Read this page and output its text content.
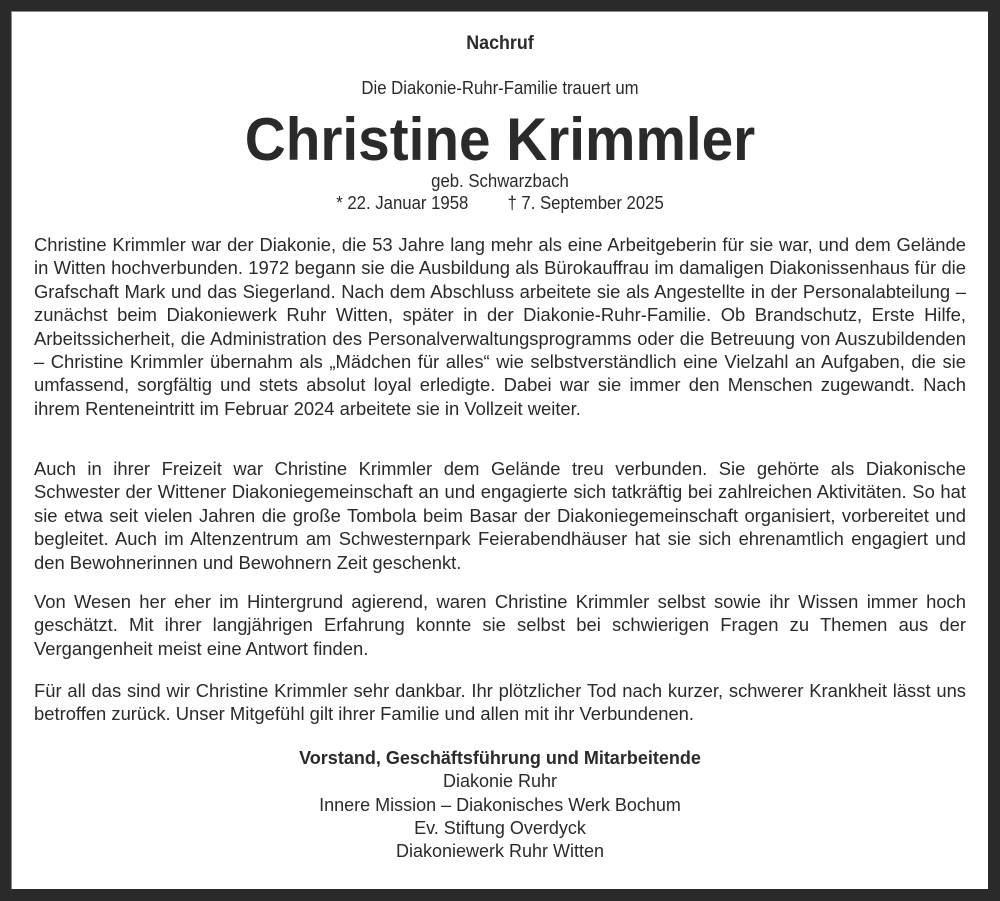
Nachruf
Die Diakonie-Ruhr-Familie trauert um
Christine Krimmler
geb. Schwarzbach
* 22. Januar 1958 † 7. September 2025

Christine Krimmler war der Diakonie, die 53 Jahre lang mehr als eine Arbeitgeberin für sie war, und dem Gelände in Witten hochverbunden. 1972 begann sie die Ausbildung als Bürokauffrau im damaligen Diakonissenhaus für die Grafschaft Mark und das Siegerland. Nach dem Abschluss arbeitete sie als Angestellte in der Personalabteilung – zunächst beim Diakoniewerk Ruhr Witten, später in der Diakonie-Ruhr-Familie. Ob Brandschutz, Erste Hilfe, Arbeitssicherheit, die Administration des Personalverwaltungsprogramms oder die Betreuung von Auszubildenden – Christine Krimmler übernahm als „Mädchen für alles“ wie selbstverständlich eine Vielzahl an Aufgaben, die sie umfassend, sorgfältig und stets absolut loyal erledigte. Dabei war sie immer den Menschen zugewandt. Nach ihrem Renteneintritt im Februar 2024 arbeitete sie in Vollzeit weiter.

Auch in ihrer Freizeit war Christine Krimmler dem Gelände treu verbunden. Sie gehörte als Diakonische Schwester der Wittener Diakoniegemeinschaft an und engagierte sich tatkräftig bei zahlreichen Aktivitäten. So hat sie etwa seit vielen Jahren die große Tombola beim Basar der Diakoniegemeinschaft organisiert, vorbereitet und begleitet. Auch im Altenzentrum am Schwesternpark Feierabendhäuser hat sie sich ehrenamtlich engagiert und den Bewohnerinnen und Bewohnern Zeit geschenkt.

Von Wesen her eher im Hintergrund agierend, waren Christine Krimmler selbst sowie ihr Wissen immer hoch geschätzt. Mit ihrer langjährigen Erfahrung konnte sie selbst bei schwierigen Fragen zu Themen aus der Vergangenheit meist eine Antwort finden.

Für all das sind wir Christine Krimmler sehr dankbar. Ihr plötzlicher Tod nach kurzer, schwerer Krankheit lässt uns betroffen zurück. Unser Mitgefühl gilt ihrer Familie und allen mit ihr Verbundenen.

Vorstand, Geschäftsführung und Mitarbeitende
Diakonie Ruhr
Innere Mission – Diakonisches Werk Bochum
Ev. Stiftung Overdyck
Diakoniewerk Ruhr Witten
